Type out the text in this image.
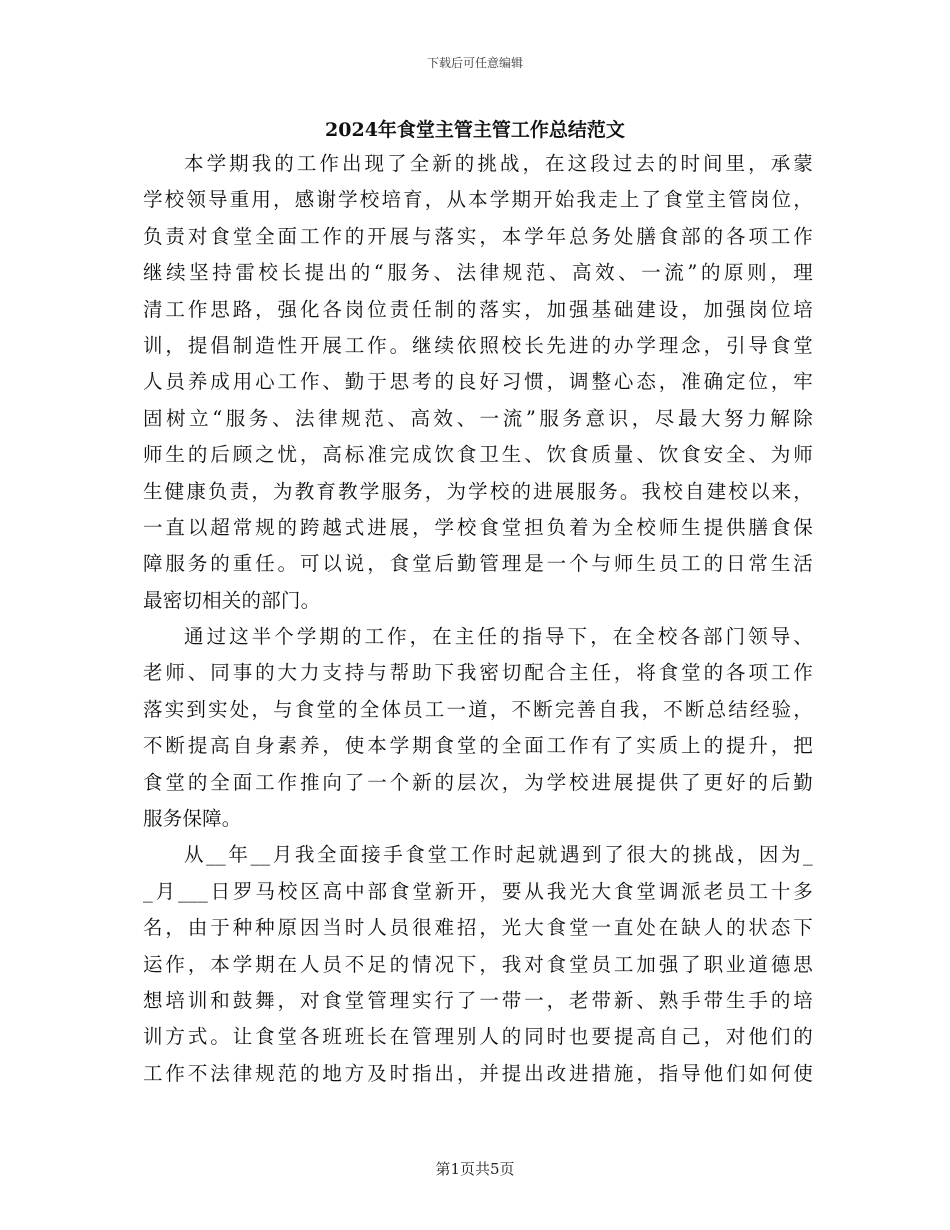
下载后可任意编辑
2024年食堂主管主管工作总结范文
本学期我的工作出现了全新的挑战，在这段过去的时间里，承蒙
学校领导重用，感谢学校培育，从本学期开始我走上了食堂主管岗位，
负责对食堂全面工作的开展与落实，本学年总务处膳食部的各项工作
继续坚持雷校长提出的“服务、法律规范、高效、一流”的原则，理
清工作思路，强化各岗位责任制的落实，加强基础建设，加强岗位培
训，提倡制造性开展工作。继续依照校长先进的办学理念，引导食堂
人员养成用心工作、勤于思考的良好习惯，调整心态，准确定位，牢
固树立“服务、法律规范、高效、一流”服务意识，尽最大努力解除
师生的后顾之忧，高标准完成饮食卫生、饮食质量、饮食安全、为师
生健康负责，为教育教学服务，为学校的进展服务。我校自建校以来，
一直以超常规的跨越式进展，学校食堂担负着为全校师生提供膳食保
障服务的重任。可以说，食堂后勤管理是一个与师生员工的日常生活
最密切相关的部门。
通过这半个学期的工作，在主任的指导下，在全校各部门领导、
老师、同事的大力支持与帮助下我密切配合主任，将食堂的各项工作
落实到实处，与食堂的全体员工一道，不断完善自我，不断总结经验，
不断提高自身素养，使本学期食堂的全面工作有了实质上的提升，把
食堂的全面工作推向了一个新的层次，为学校进展提供了更好的后勤
服务保障。
从__年__月我全面接手食堂工作时起就遇到了很大的挑战，因为_
_月___日罗马校区高中部食堂新开，要从我光大食堂调派老员工十多
名，由于种种原因当时人员很难招，光大食堂一直处在缺人的状态下
运作，本学期在人员不足的情况下，我对食堂员工加强了职业道德思
想培训和鼓舞，对食堂管理实行了一带一，老带新、熟手带生手的培
训方式。让食堂各班班长在管理别人的同时也要提高自己，对他们的
工作不法律规范的地方及时指出，并提出改进措施，指导他们如何使
第1页共5页
